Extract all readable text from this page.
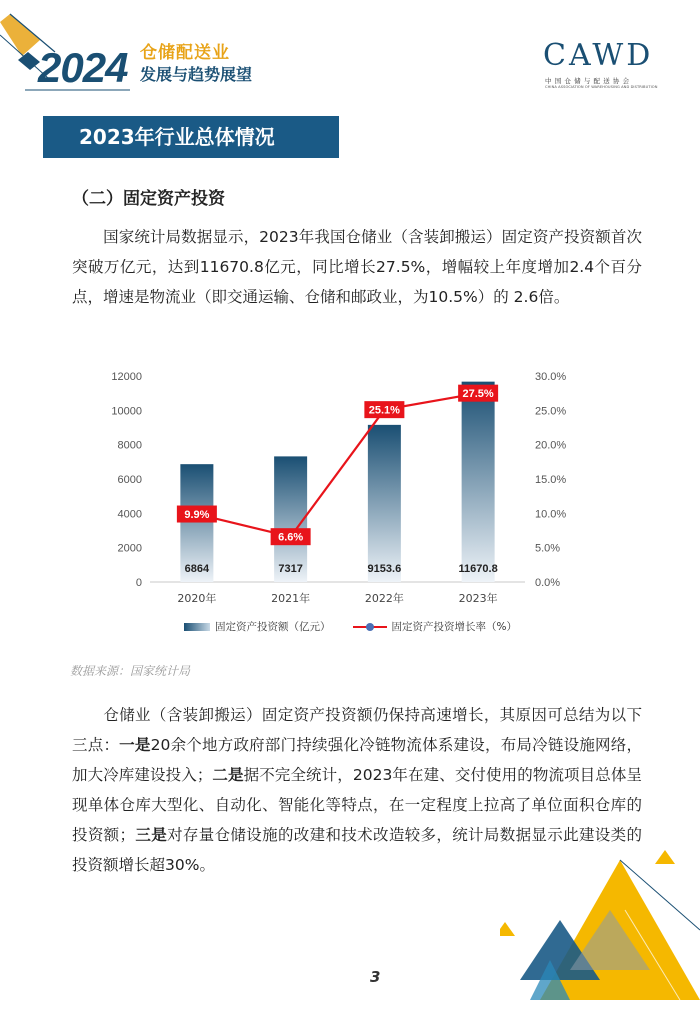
2024 仓储配送业
发展与趋势展望
CAWD
中国仓储与配送协会
CHINA ASSOCIATION OF WAREHOUSING AND DISTRIBUTION
2023年行业总体情况
（二）固定资产投资

国家统计局数据显示，2023年我国仓储业（含装卸搬运）固定资产投资额首次突破万亿元，达到11670.8亿元，同比增长27.5%，增幅较上年度增加2.4个百分点，增速是物流业（即交通运输、仓储和邮政业，为10.5%）的 2.6倍。

0
2000
4000
6000
8000
10000
12000
0.0%
5.0%
10.0%
15.0%
20.0%
25.0%
30.0%
6864	7317	9153.6	11670.8
2020年	2021年	2022年	2023年
9.9%
6.6%
25.1%
27.5%
固定资产投资额（亿元）	固定资产投资增长率（%）
数据来源：国家统计局

仓储业（含装卸搬运）固定资产投资额仍保持高速增长，其原因可总结为以下三点：一是20余个地方政府部门持续强化冷链物流体系建设，布局冷链设施网络，加大冷库建设投入；二是据不完全统计，2023年在建、交付使用的物流项目总体呈现单体仓库大型化、自动化、智能化等特点，在一定程度上拉高了单位面积仓库的投资额；三是对存量仓储设施的改建和技术改造较多，统计局数据显示此建设类的投资额增长超30%。

3
